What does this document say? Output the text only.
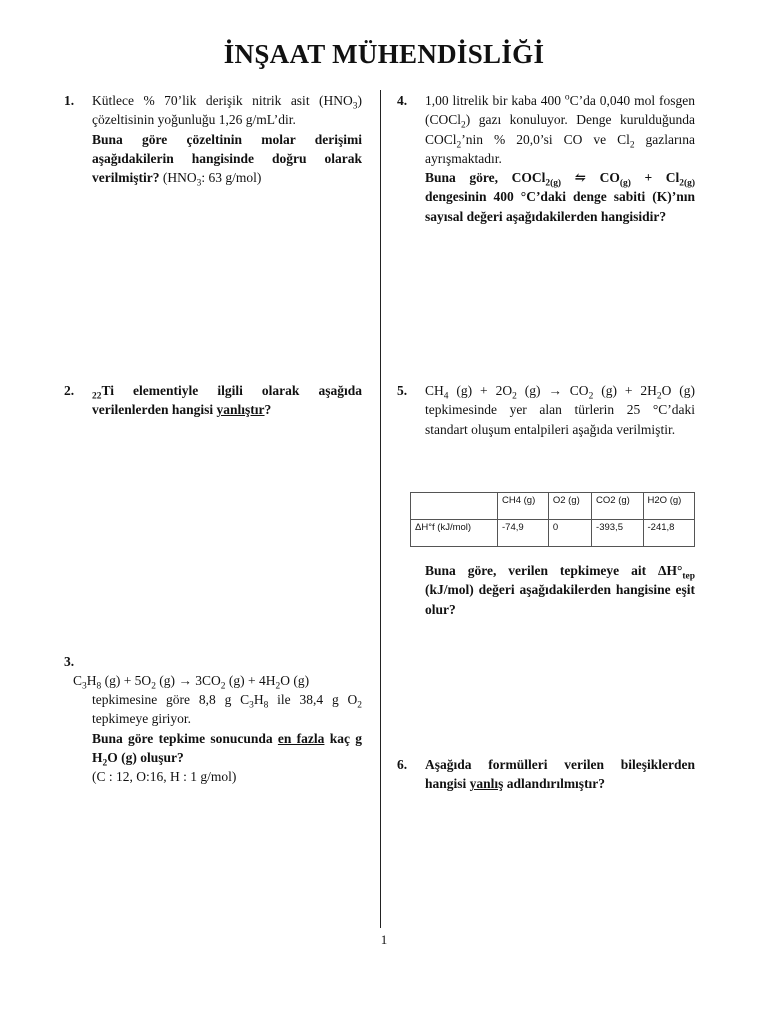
İNŞAAT MÜHENDİSLİĞİ
1. Kütlece % 70’lik derişik nitrik asit $(HNO_3)$ çözeltisinin yoğunluğu 1,26 g/mL’dir.

Buna göre çözeltinin molar derişimi aşağıdakilerin hangisinde doğru olarak verilmiştir? ($HNO_3$: 63 g/mol)

2. $_{22}$Ti elementiyle ilgili olarak aşağıda verilenlerden hangisi yanlıştır?

3.
$C_3H_8$ $(g) + 5O_2$ $(g) \to 3CO_2$ $(g) + 4H_2O$ (g)

tepkimesine göre 8,8 g $C_3H_8$ ile 38,4 g $O_2$ tepkimeye giriyor.

Buna göre tepkime sonucunda en fazla kaç g $H_2O$ (g) oluşur?

(C : 12, O:16, H : 1 g/mol)

4. 1,00 litrelik bir kaba 400 $^o$C’da 0,040 mol fosgen (COCl$_2$) gazı konuluyor. Denge kurulduğunda COCl$_2$’nin % 20,0’si CO ve $Cl_2$ gazlarına ayrışmaktadır.

Buna göre, COCl$_{2(g)}$ ⇋ $CO_{(g)} + Cl_{2(g)}$ dengesinin 400 °C’daki denge sabiti (K)’nın sayısal değeri aşağıdakilerden hangisidir?

5. $CH_4$ $(g) + 2O_2$ $(g) \to CO_2$ $(g) + 2H_2O$ (g) tepkimesinde yer alan türlerin 25 °C’daki standart oluşum entalpileri aşağıda verilmiştir.

Buna göre, verilen tepkimeye ait $\Delta H^\circ_{tep}$ (kJ/mol) değeri aşağıdakilerden hangisine eşit olur?
	CH4 (g)	O2 (g)	CO2 (g)	H2O (g)
ΔH°f (kJ/mol)	-74,9	0	-393,5	-241,8
6. Aşağıda formülleri verilen bileşiklerden hangisi yanlış adlandırılmıştır?

1
